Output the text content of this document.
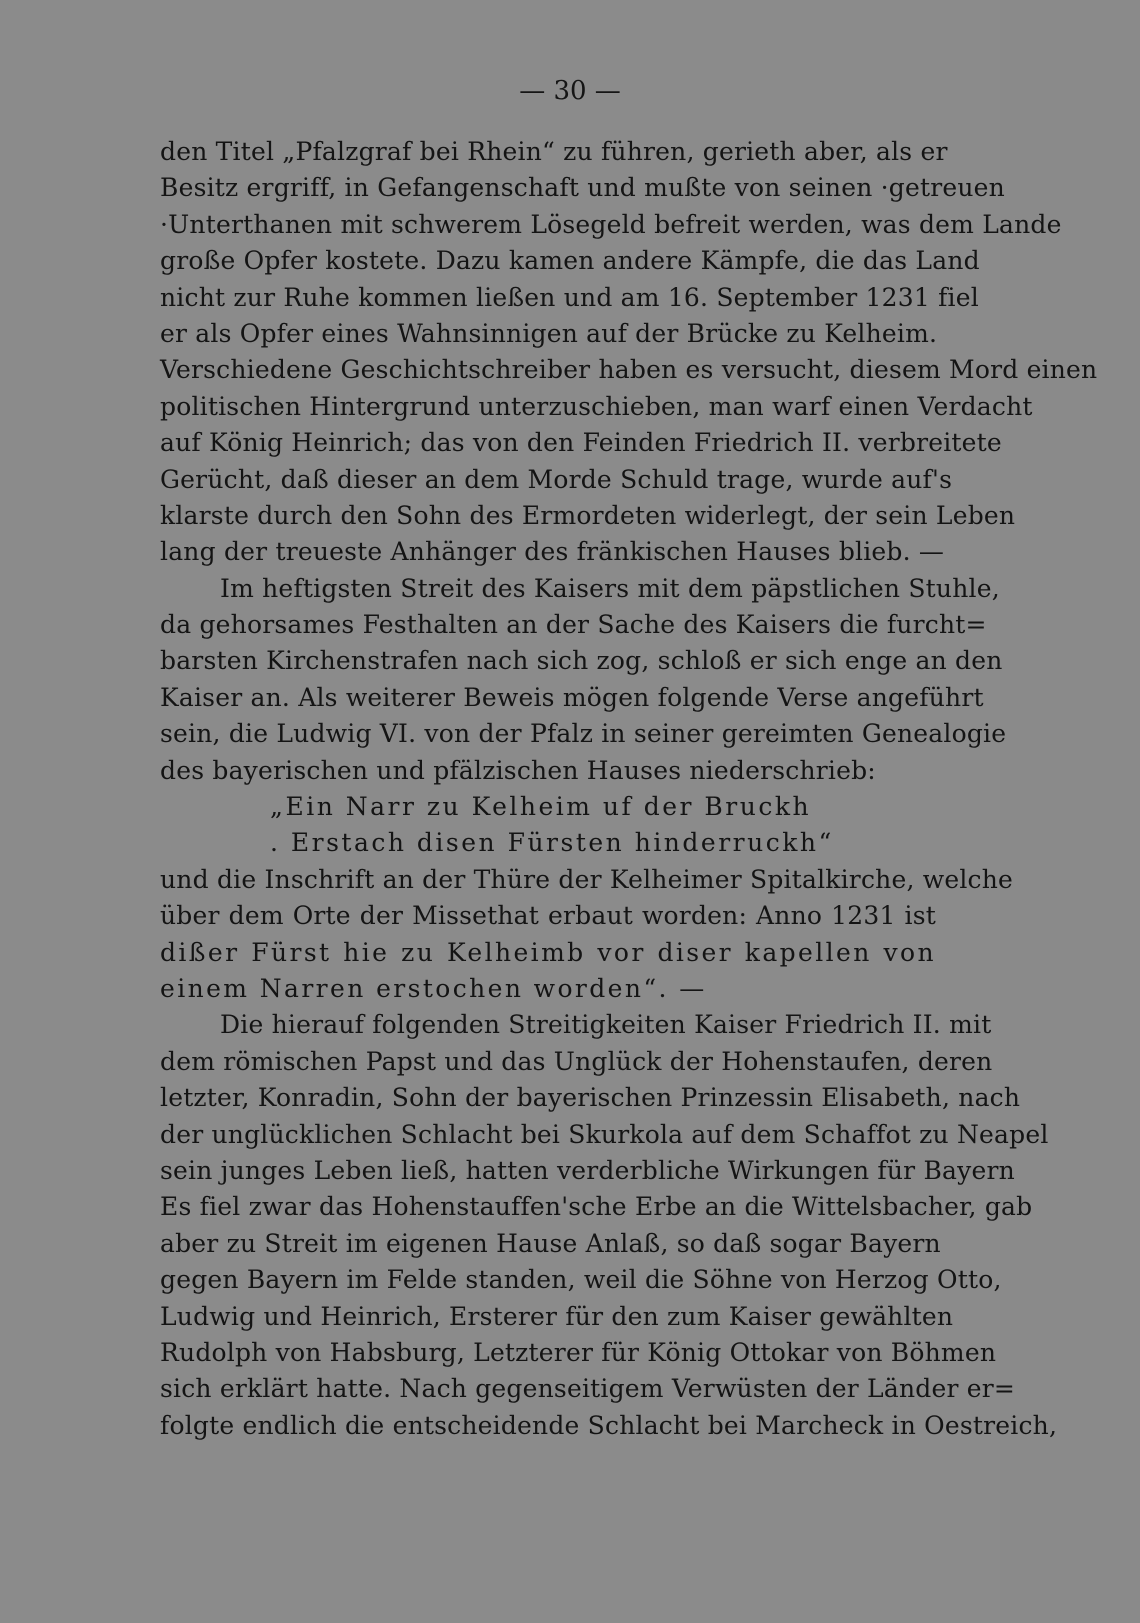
— 30 —
den Titel „Pfalzgraf bei Rhein“ zu führen, gerieth aber, als er
Besitz ergriff, in Gefangenschaft und mußte von seinen ·getreuen
·Unterthanen mit schwerem Lösegeld befreit werden, was dem Lande
große Opfer kostete. Dazu kamen andere Kämpfe, die das Land
nicht zur Ruhe kommen ließen und am 16. September 1231 fiel
er als Opfer eines Wahnsinnigen auf der Brücke zu Kelheim.
Verschiedene Geschichtschreiber haben es versucht, diesem Mord einen
politischen Hintergrund unterzuschieben, man warf einen Verdacht
auf König Heinrich; das von den Feinden Friedrich II. verbreitete
Gerücht, daß dieser an dem Morde Schuld trage, wurde auf's
klarste durch den Sohn des Ermordeten widerlegt, der sein Leben
lang der treueste Anhänger des fränkischen Hauses blieb. —
Im heftigsten Streit des Kaisers mit dem päpstlichen Stuhle,
da gehorsames Festhalten an der Sache des Kaisers die furcht=
barsten Kirchenstrafen nach sich zog, schloß er sich enge an den
Kaiser an. Als weiterer Beweis mögen folgende Verse angeführt
sein, die Ludwig VI. von der Pfalz in seiner gereimten Genealogie
des bayerischen und pfälzischen Hauses niederschrieb:
„Ein Narr zu Kelheim uf der Bruckh
. Erstach disen Fürsten hinderruckh“
und die Inschrift an der Thüre der Kelheimer Spitalkirche, welche
über dem Orte der Missethat erbaut worden: Anno 1231 ist
dißer Fürst hie zu Kelheimb vor diser kapellen von
einem Narren erstochen worden“. —
Die hierauf folgenden Streitigkeiten Kaiser Friedrich II. mit
dem römischen Papst und das Unglück der Hohenstaufen, deren
letzter, Konradin, Sohn der bayerischen Prinzessin Elisabeth, nach
der unglücklichen Schlacht bei Skurkola auf dem Schaffot zu Neapel
sein junges Leben ließ, hatten verderbliche Wirkungen für Bayern
Es fiel zwar das Hohenstauffen'sche Erbe an die Wittelsbacher, gab
aber zu Streit im eigenen Hause Anlaß, so daß sogar Bayern
gegen Bayern im Felde standen, weil die Söhne von Herzog Otto,
Ludwig und Heinrich, Ersterer für den zum Kaiser gewählten
Rudolph von Habsburg, Letzterer für König Ottokar von Böhmen
sich erklärt hatte. Nach gegenseitigem Verwüsten der Länder er=
folgte endlich die entscheidende Schlacht bei Marcheck in Oestreich,
